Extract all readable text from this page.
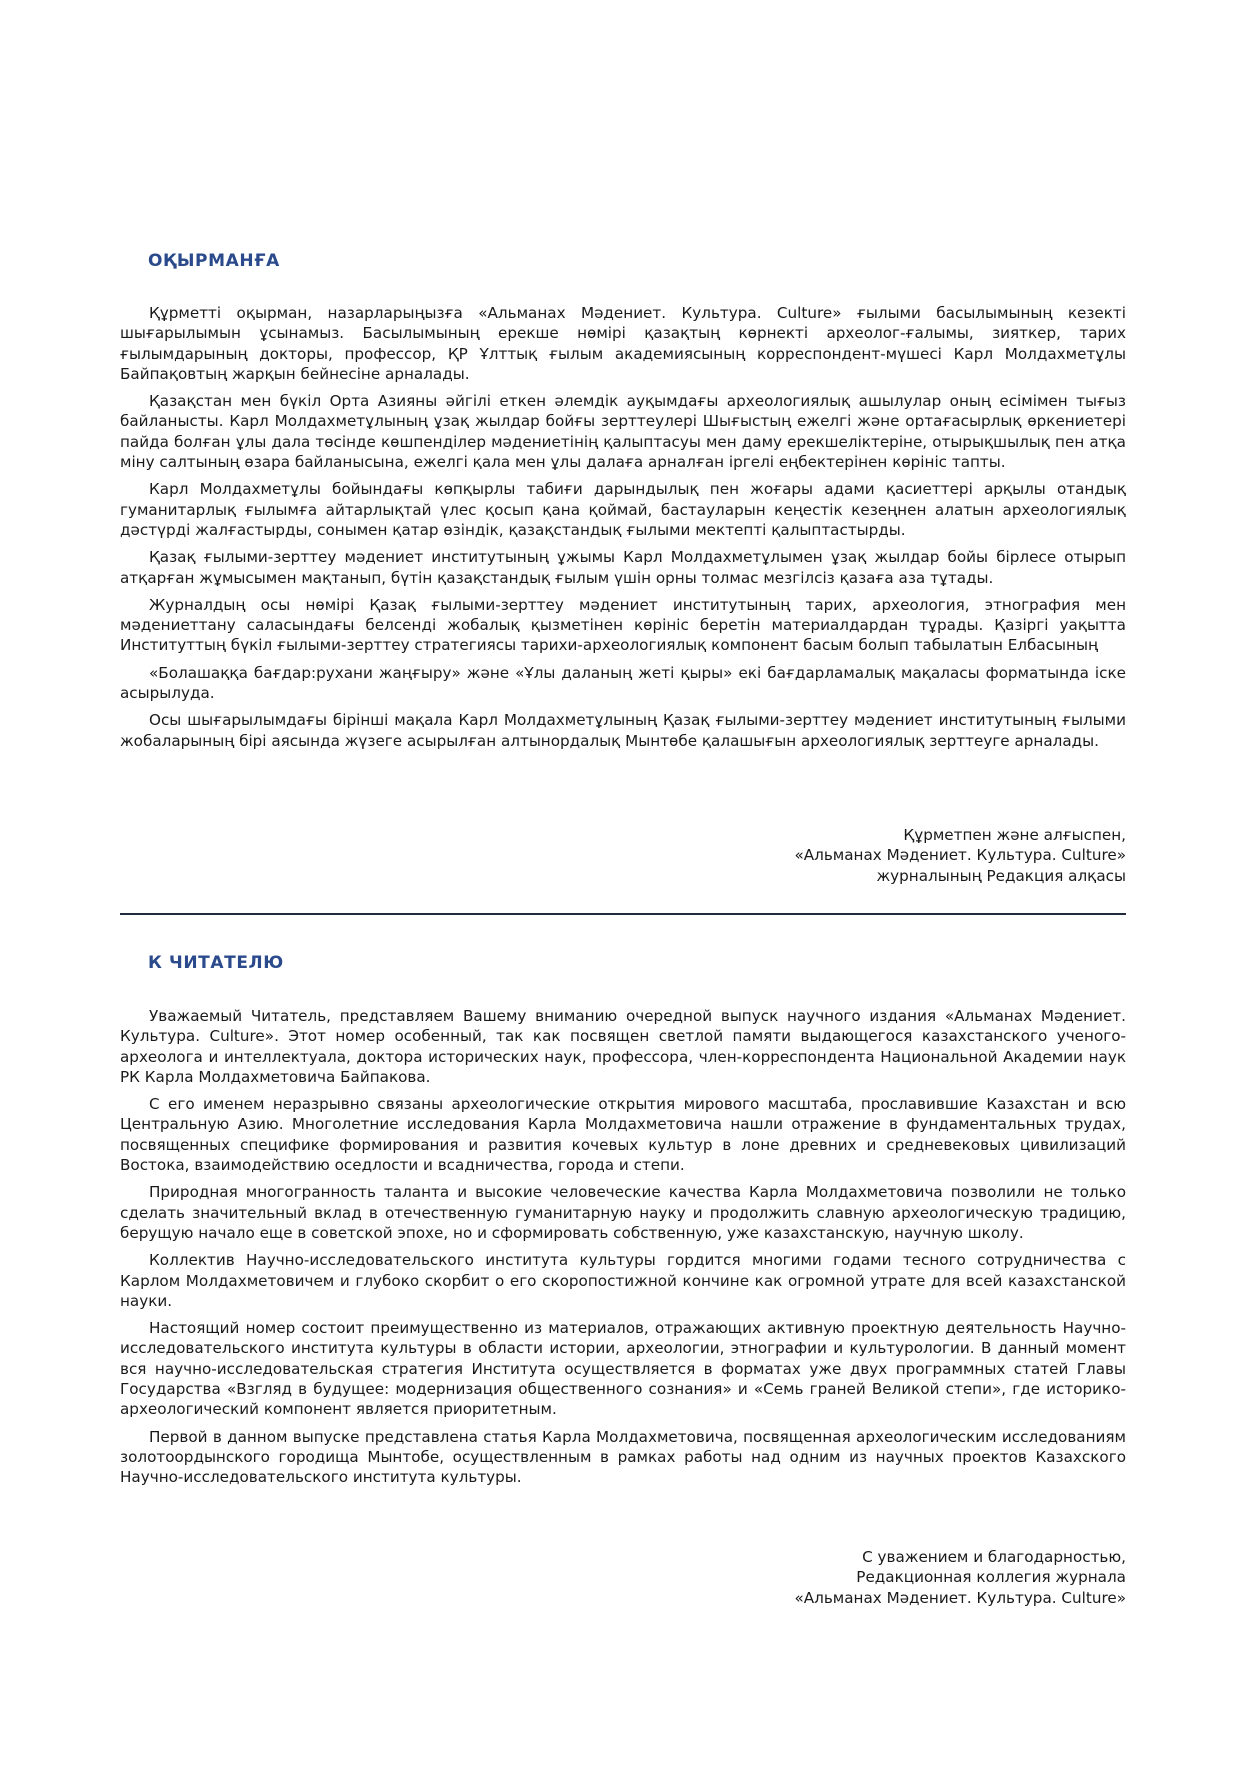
ОҚЫРМАНҒА

Құрметті оқырман, назарларыңызға «Альманах Мәдениет. Культура. Culture» ғылыми басылымының кезекті шығарылымын ұсынамыз. Басылымының ерекше нөмірі қазақтың көрнекті археолог-ғалымы, зияткер, тарих ғылымдарының докторы, профессор, ҚР Ұлттық ғылым академиясының корреспондент-мүшесі Карл Молдахметұлы Байпақовтың жарқын бейнесіне арналады.

Қазақстан мен бүкіл Орта Азияны әйгілі еткен әлемдік ауқымдағы археологиялық ашылулар оның есімімен тығыз байланысты. Карл Молдахметұлының ұзақ жылдар бойғы зерттеулері Шығыстың ежелгі және ортағасырлық өркениетері пайда болған ұлы дала төсінде көшпенділер мәдениетінің қалыптасуы мен даму ерекшеліктеріне, отырықшылық пен атқа міну салтының өзара байланысына, ежелгі қала мен ұлы далаға арналған іргелі еңбектерінен көрініс тапты.

Карл Молдахметұлы бойындағы көпқырлы табиғи дарындылық пен жоғары адами қасиеттері арқылы отандық гуманитарлық ғылымға айтарлықтай үлес қосып қана қоймай, бастауларын кеңестік кезеңнен алатын археологиялық дәстүрді жалғастырды, сонымен қатар өзіндік, қазақстандық ғылыми мектепті қалыптастырды.

Қазақ ғылыми-зерттеу мәдениет институтының ұжымы Карл Молдахметұлымен ұзақ жылдар бойы бірлесе отырып атқарған жұмысымен мақтанып, бүтін қазақстандық ғылым үшін орны толмас мезгілсіз қазаға аза тұтады.

Журналдың осы нөмірі Қазақ ғылыми-зерттеу мәдениет институтының тарих, археология, этнография мен мәдениеттану саласындағы белсенді жобалық қызметінен көрініс беретін материалдардан тұрады. Қазіргі уақытта Институттың бүкіл ғылыми-зерттеу стратегиясы тарихи-археологиялық компонент басым болып табылатын Елбасының

«Болашаққа бағдар:рухани жаңғыру» және «Ұлы даланың жеті қыры» екі бағдарламалық мақаласы форматында іске асырылуда.

Осы шығарылымдағы бірінші мақала Карл Молдахметұлының Қазақ ғылыми-зерттеу мәдениет институтының ғылыми жобаларының бірі аясында жүзеге асырылған алтынордалық Мынтөбе қалашығын археологиялық зерттеуге арналады.

Құрметпен және алғыспен,
«Альманах Мәдениет. Культура. Culture»
журналының Редакция алқасы
К ЧИТАТЕЛЮ

Уважаемый Читатель, представляем Вашему вниманию очередной выпуск научного издания «Альманах Мәдениет. Культура. Culture». Этот номер особенный, так как посвящен светлой памяти выдающегося казахстанского ученого-археолога и интеллектуала, доктора исторических наук, профессора, член-корреспондента Национальной Академии наук РК Карла Молдахметовича Байпакова.

С его именем неразрывно связаны археологические открытия мирового масштаба, прославившие Казахстан и всю Центральную Азию. Многолетние исследования Карла Молдахметовича нашли отражение в фундаментальных трудах, посвященных специфике формирования и развития кочевых культур в лоне древних и средневековых цивилизаций Востока, взаимодействию оседлости и всадничества, города и степи.

Природная многогранность таланта и высокие человеческие качества Карла Молдахметовича позволили не только сделать значительный вклад в отечественную гуманитарную науку и продолжить славную археологическую традицию, берущую начало еще в советской эпохе, но и сформировать собственную, уже казахстанскую, научную школу.

Коллектив Научно-исследовательского института культуры гордится многими годами тесного сотрудничества с Карлом Молдахметовичем и глубоко скорбит о его скоропостижной кончине как огромной утрате для всей казахстанской науки.

Настоящий номер состоит преимущественно из материалов, отражающих активную проектную деятельность Научно-исследовательского института культуры в области истории, археологии, этнографии и культурологии. В данный момент вся научно-исследовательская стратегия Института осуществляется в форматах уже двух программных статей Главы Государства «Взгляд в будущее: модернизация общественного сознания» и «Семь граней Великой степи», где историко-археологический компонент является приоритетным.

Первой в данном выпуске представлена статья Карла Молдахметовича, посвященная археологическим исследованиям золотоордынского городища Мынтобе, осуществленным в рамках работы над одним из научных проектов Казахского Научно-исследовательского института культуры.

С уважением и благодарностью,
Редакционная коллегия журнала
«Альманах Мәдениет. Культура. Culture»
